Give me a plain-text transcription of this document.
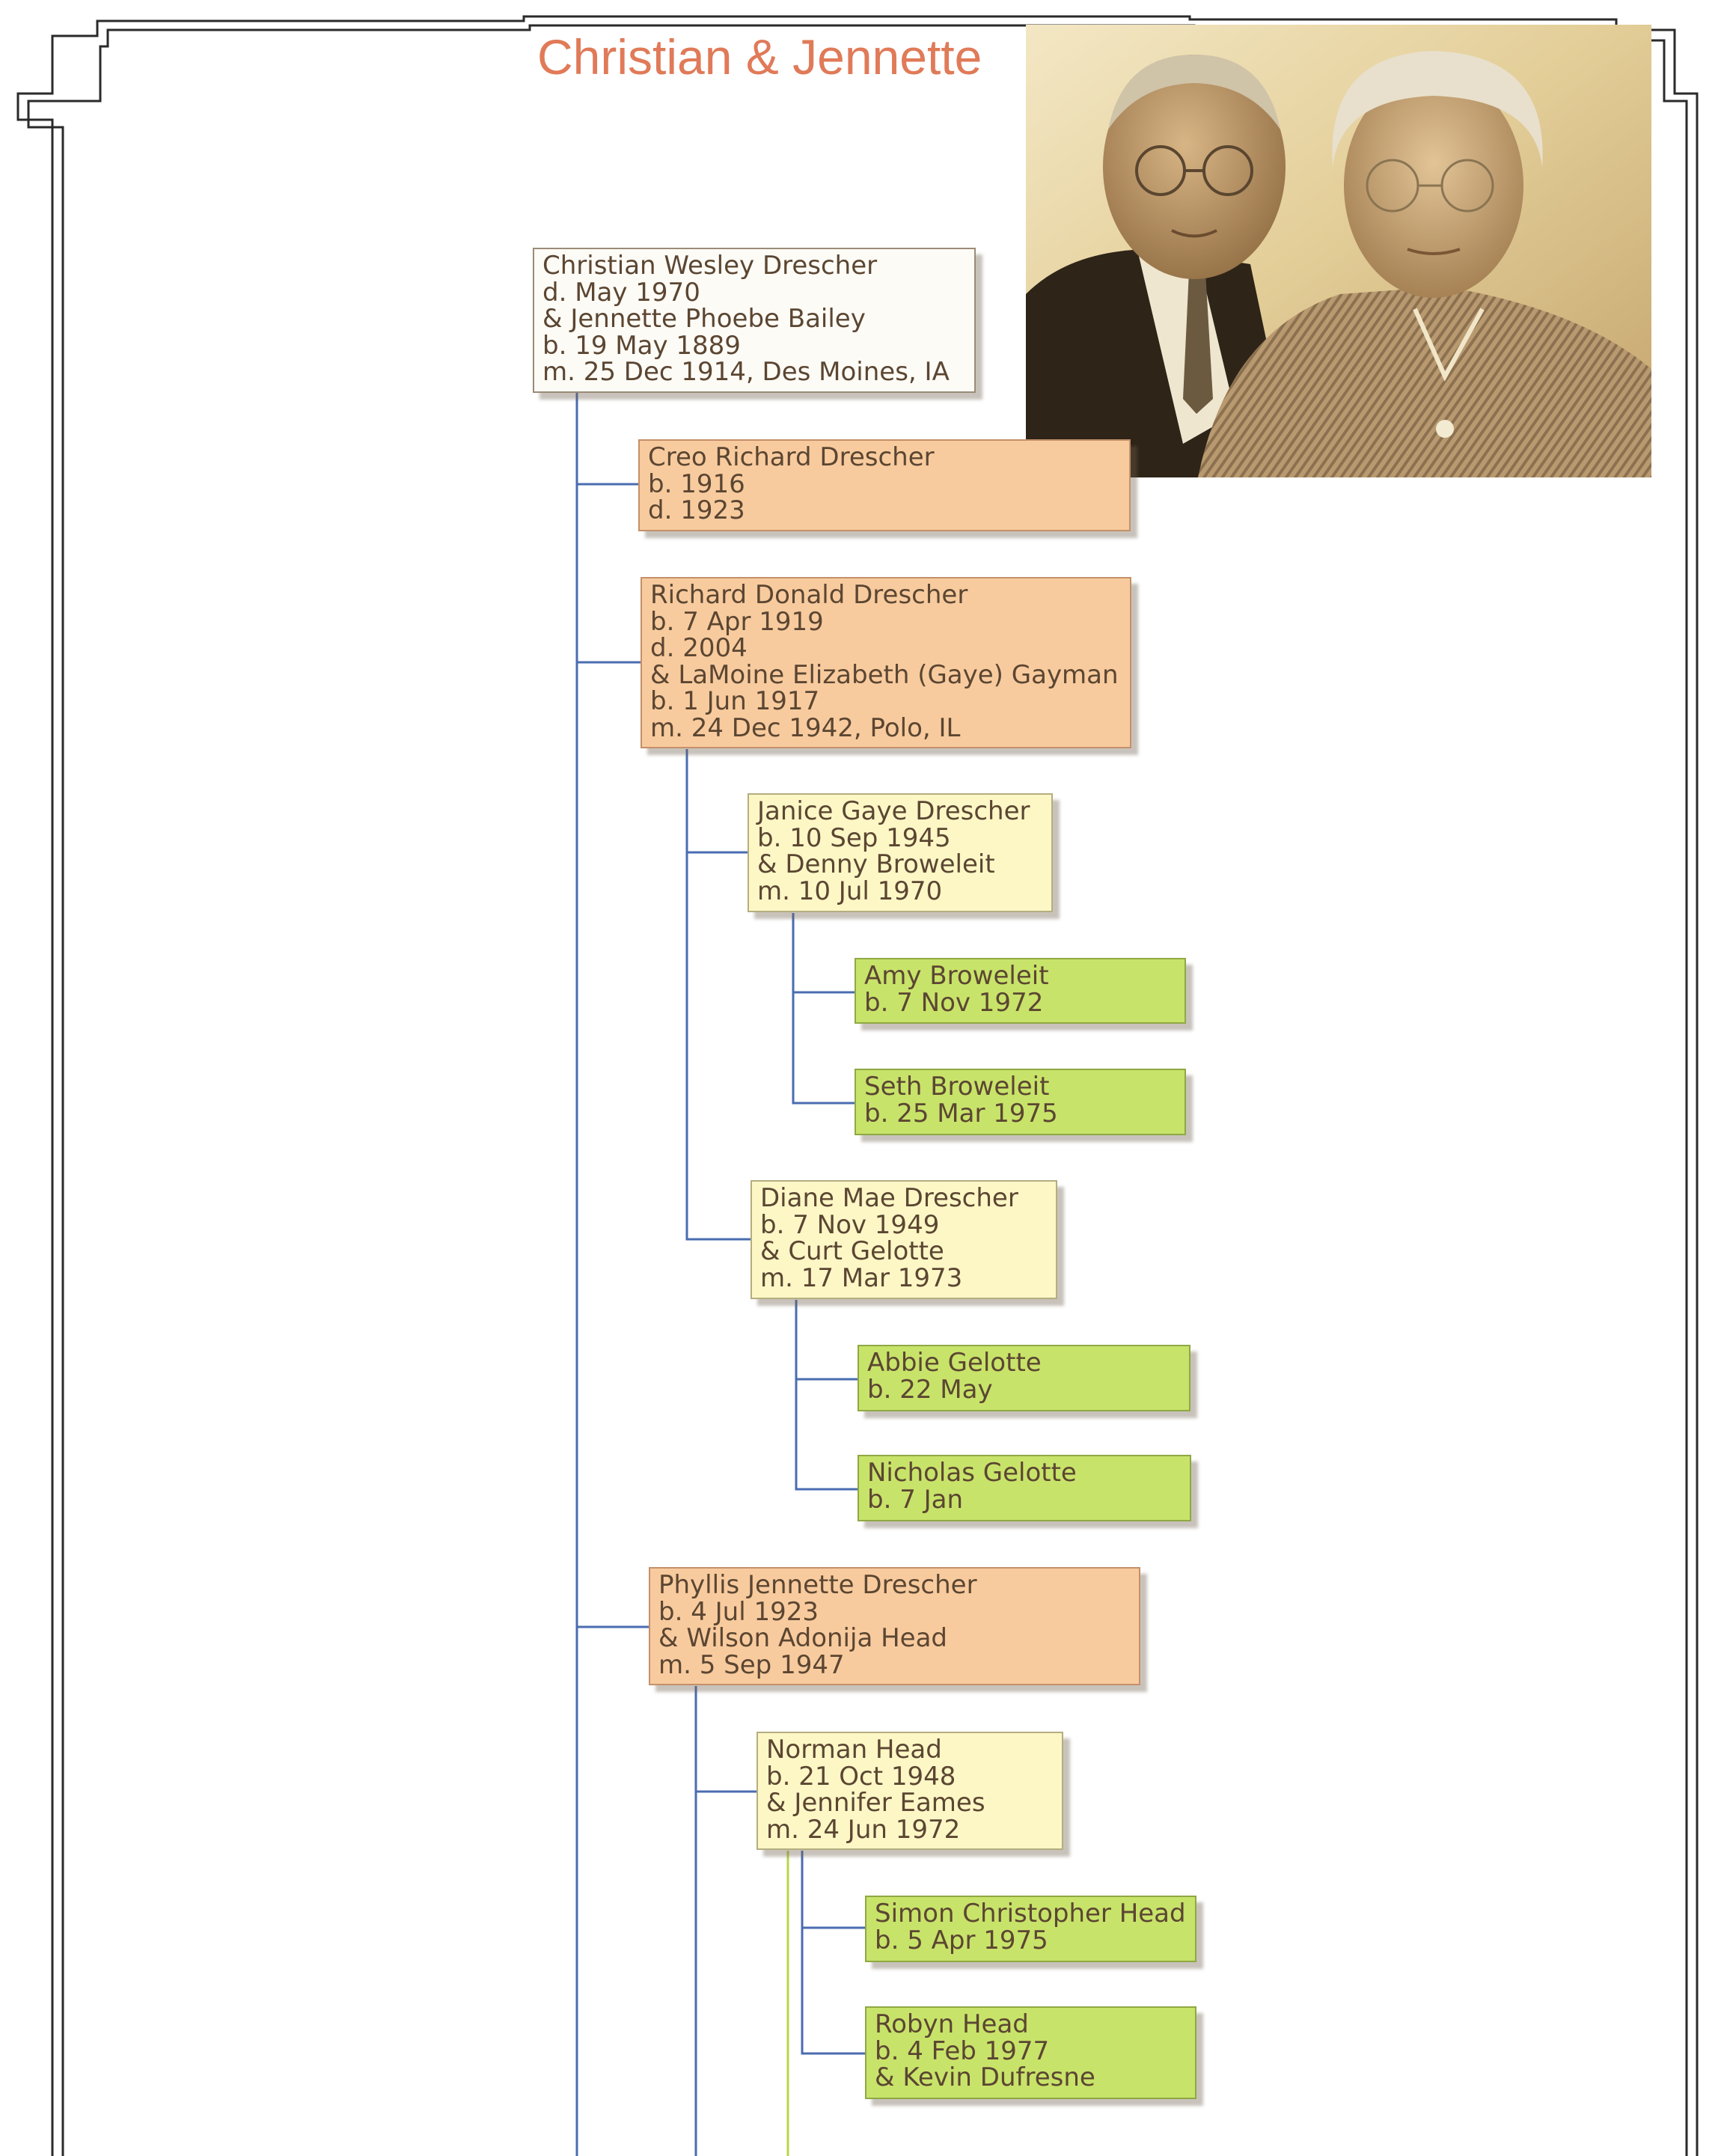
Christian & Jennette
Christian Wesley Drescher
d. May 1970
& Jennette Phoebe Bailey
b. 19 May 1889
m. 25 Dec 1914, Des Moines, IA
Creo Richard Drescher
b. 1916
d. 1923
Richard Donald Drescher
b. 7 Apr 1919
d. 2004
& LaMoine Elizabeth (Gaye) Gayman
b. 1 Jun 1917
m. 24 Dec 1942, Polo, IL
Janice Gaye Drescher
b. 10 Sep 1945
& Denny Broweleit
m. 10 Jul 1970
Amy Broweleit
b. 7 Nov 1972
Seth Broweleit
b. 25 Mar 1975
Diane Mae Drescher
b. 7 Nov 1949
& Curt Gelotte
m. 17 Mar 1973
Abbie Gelotte
b. 22 May
Nicholas Gelotte
b. 7 Jan
Phyllis Jennette Drescher
b. 4 Jul 1923
& Wilson Adonija Head
m. 5 Sep 1947
Norman Head
b. 21 Oct 1948
& Jennifer Eames
m. 24 Jun 1972
Simon Christopher Head
b. 5 Apr 1975
Robyn Head
b. 4 Feb 1977
& Kevin Dufresne
